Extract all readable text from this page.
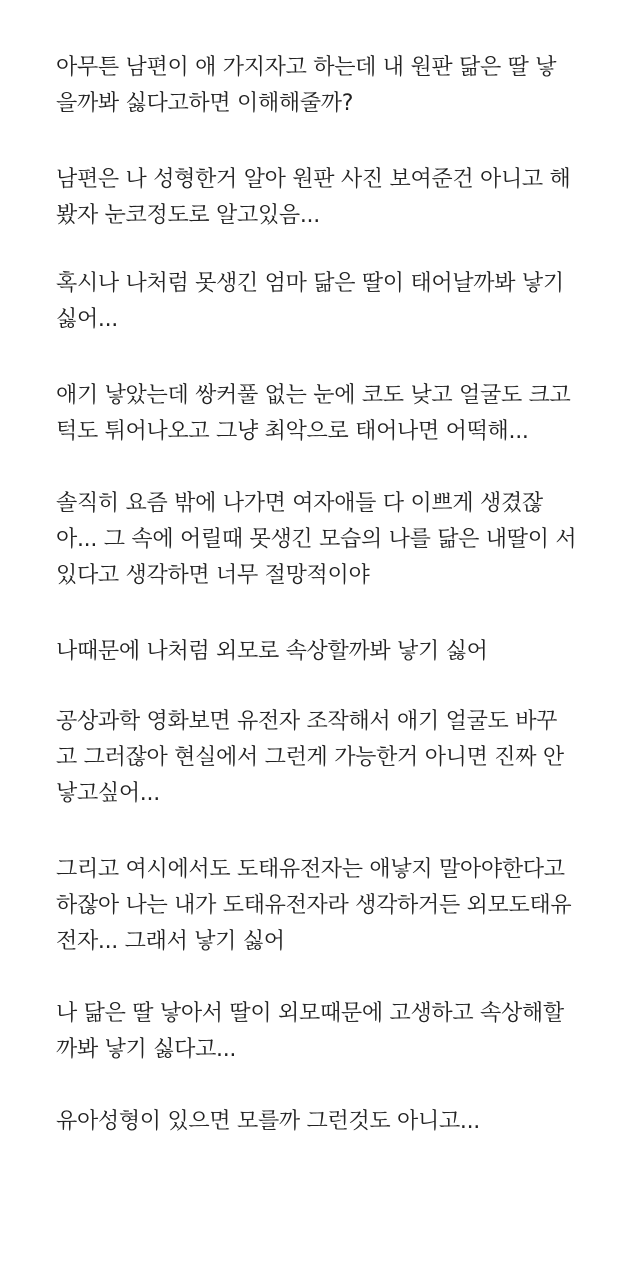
아무튼 남편이 애 가지자고 하는데 내 원판 닮은 딸 낳
을까봐 싫다고하면 이해해줄까?

남편은 나 성형한거 알아 원판 사진 보여준건 아니고 해
봤자 눈코정도로 알고있음...

혹시나 나처럼 못생긴 엄마 닮은 딸이 태어날까봐 낳기
싫어...

애기 낳았는데 쌍커풀 없는 눈에 코도 낮고 얼굴도 크고
턱도 튀어나오고 그냥 최악으로 태어나면 어떡해...

솔직히 요즘 밖에 나가면 여자애들 다 이쁘게 생겼잖
아... 그 속에 어릴때 못생긴 모습의 나를 닮은 내딸이 서
있다고 생각하면 너무 절망적이야

나때문에 나처럼 외모로 속상할까봐 낳기 싫어

공상과학 영화보면 유전자 조작해서 애기 얼굴도 바꾸
고 그러잖아 현실에서 그런게 가능한거 아니면 진짜 안
낳고싶어...

그리고 여시에서도 도태유전자는 애낳지 말아야한다고
하잖아 나는 내가 도태유전자라 생각하거든 외모도태유
전자... 그래서 낳기 싫어

나 닮은 딸 낳아서 딸이 외모때문에 고생하고 속상해할
까봐 낳기 싫다고...

유아성형이 있으면 모를까 그런것도 아니고...
